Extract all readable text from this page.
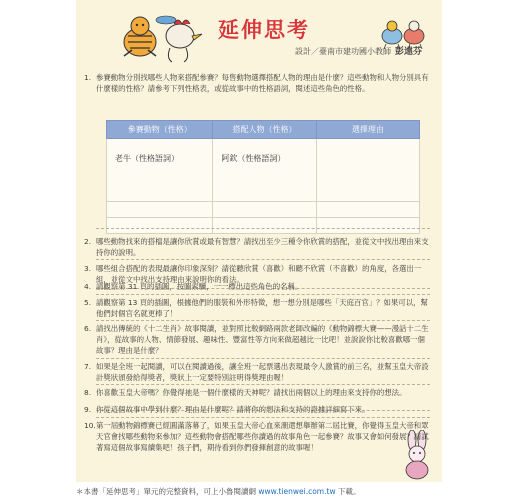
延伸思考
設計／臺南市建功國小教師 彭遠芬
1. 參賽動物分別找哪些人物來搭配參賽？每售動物選擇搭配人物的理由是什麼？這些動物和人物分別具有什麼樣的性格？請參考下列性格表，或從故事中的性格語詞，閱述這些角色的性格。
參賽動物（性格）	搭配人物（性格）	選擇理由
老牛（性格語詞）	阿欽（性格語詞）	

2. 哪些動物找來的搭檔是讓你欣賞或最有智慧？請找出至少三種令你欣賞的搭配，並從文中找出理由來支持你的說明。
3. 哪些組合搭配的表現最讓你印象深刻？請從聽欣賞（喜歡）和聽不欣賞（不喜歡）的角度，各選出一組，並從文中找出支持理由來說明你的看法。
4. 請觀察第 31 頁的插圖，按圖索驥，一一標出這些角色的名稱。
5. 請觀察第 13 頁的插圖，根據他們的服裝和外形特徵，想一想分別是哪些「天庭百官」？如果可以，幫他們封個官名就更棒了！
6. 請找出傳統的《十二生肖》故事閱讀，並對照比較網路兩款老師改編的《動物錦標大賽——漫話十二生肖》，從故事的人物、情節發展、趣味性、豐富性等方向來做超越比一比吧！並說說你比較喜歡哪一個故事？理由是什麼？
7. 如果是全班一起閱讀，可以在閱讀過後，讓全班一起票選出表現最令人激賞的前三名，並幫玉皇大帝設計獎狀頒發給得獎者，獎狀上一定要特別註明得獎理由喔！
8. 你喜歡玉皇大帝嗎？你覺得祂是一個什麼樣的天神呢？請找出兩個以上的理由來支持你的想法。
9. 你從這個故事中學到什麼？理由是什麼呢？請將你的想法和支持的證據詳細寫下來。
10. 第一屆動物錦標賽已經圓滿落幕了，如果玉皇大帝心血來潮還想舉辦第二屆比賽，你覺得玉皇大帝和眾天官會找哪些動物來參加？這些動物會搭配哪些你讀過的故事角色一起參賽？故事又會如何發展？請試著寫這個故事寫續集吧！孩子們，期待看到你們發揮創意的故事喔！
＊本書「延伸思考」單元的完整資料，可上小魯閱讀網 www.tienwei.com.tw 下載。
